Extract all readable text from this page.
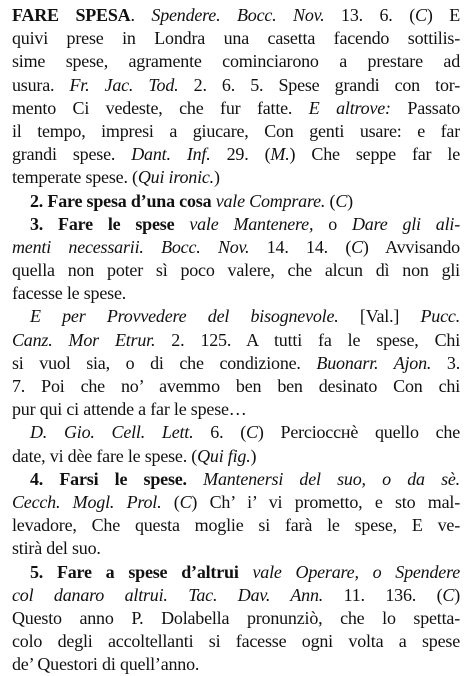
FARE SPESA. Spendere. Bocc. Nov. 13. 6. (C) E
quivi prese in Londra una casetta facendo sottilis-
sime spese, agramente cominciarono a prestare ad
usura. Fr. Jac. Tod. 2. 6. 5. Spese grandi con tor-
mento Ci vedeste, che fur fatte. E altrove: Passato
il tempo, impresi a giucare, Con genti usare: e far
grandi spese. Dant. Inf. 29. (M.) Che seppe far le
temperate spese. (Qui ironic.)
2. Fare spesa d’una cosa vale Comprare. (C)
3. Fare le spese vale Mantenere, o Dare gli ali-
menti necessarii. Bocc. Nov. 14. 14. (C) Avvisando
quella non poter sì poco valere, che alcun dì non gli
facesse le spese.
E per Provvedere del bisognevole. [Val.] Pucc.
Canz. Mor Etrur. 2. 125. A tutti fa le spese, Chi
si vuol sia, o di che condizione. Buonarr. Ajon. 3.
7. Poi che no’ avemmo ben ben desinato Con chi
pur qui ci attende a far le spese…
D. Gio. Cell. Lett. 6. (C) Percioccнè quello che
date, vi dèe fare le spese. (Qui fig.)
4. Farsi le spese. Mantenersi del suo, o da sè.
Cecch. Mogl. Prol. (C) Ch’ i’ vi prometto, e sto mal-
levadore, Che questa moglie si farà le spese, E ve-
stirà del suo.
5. Fare a spese d’altrui vale Operare, o Spendere
col danaro altrui. Tac. Dav. Ann. 11. 136. (C)
Questo anno P. Dolabella pronunziò, che lo spetta-
colo degli accoltellanti si facesse ogni volta a spese
de’ Questori di quell’anno.
